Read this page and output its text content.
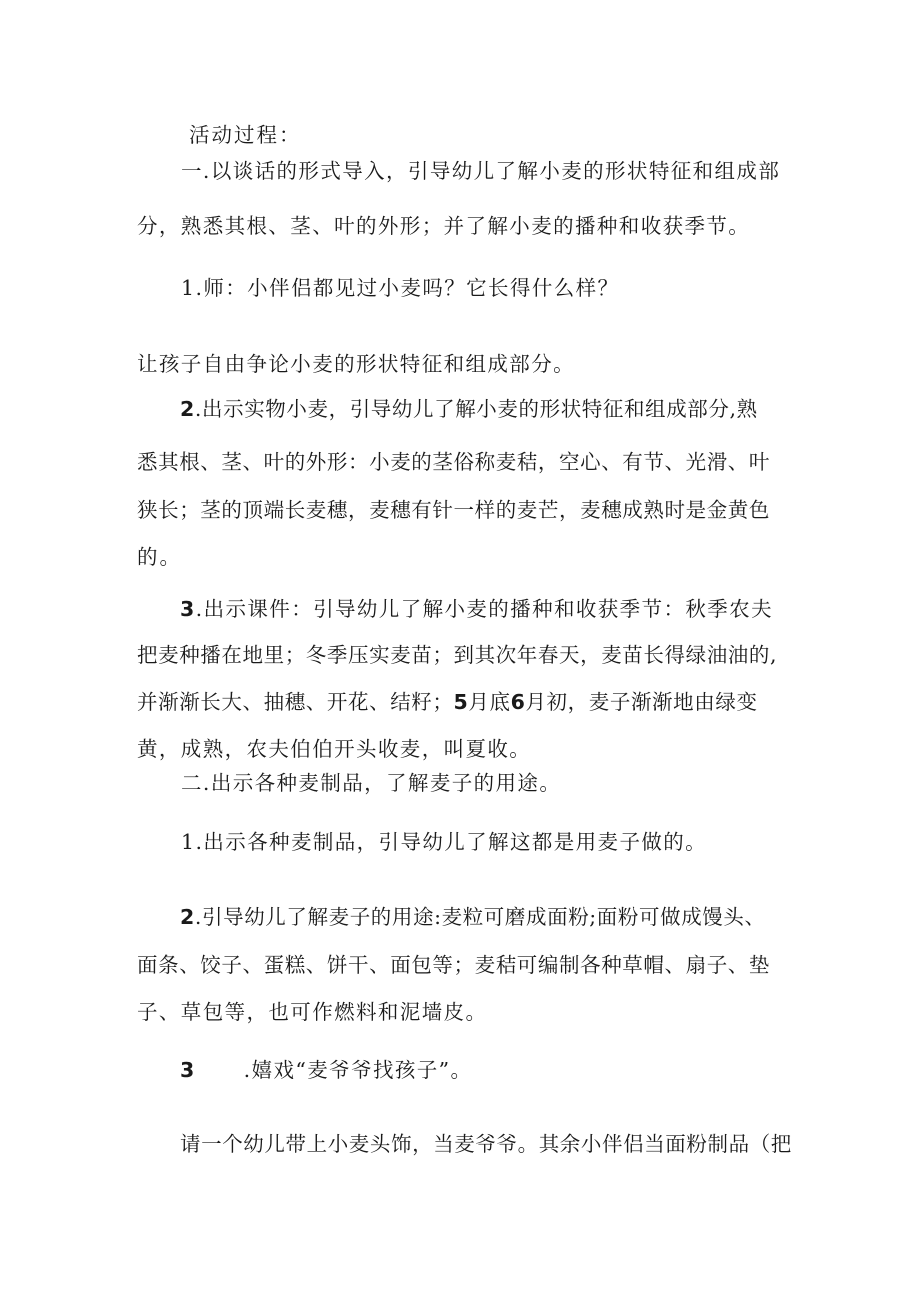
活动过程：
一.以谈话的形式导入，引导幼儿了解小麦的形状特征和组成部
分，熟悉其根、茎、叶的外形；并了解小麦的播种和收获季节。
1.师：小伴侣都见过小麦吗？它长得什么样？
让孩子自由争论小麦的形状特征和组成部分。
2.出示实物小麦，引导幼儿了解小麦的形状特征和组成部分,熟
悉其根、茎、叶的外形：小麦的茎俗称麦秸，空心、有节、光滑、叶
狭长；茎的顶端长麦穗，麦穗有针一样的麦芒，麦穗成熟时是金黄色
的。
3.出示课件：引导幼儿了解小麦的播种和收获季节：秋季农夫
把麦种播在地里；冬季压实麦苗；到其次年春天，麦苗长得绿油油的,
并渐渐长大、抽穗、开花、结籽；5月底6月初，麦子渐渐地由绿变
黄，成熟，农夫伯伯开头收麦，叫夏收。
二.出示各种麦制品，了解麦子的用途。
1.出示各种麦制品，引导幼儿了解这都是用麦子做的。
2.引导幼儿了解麦子的用途:麦粒可磨成面粉;面粉可做成馒头、
面条、饺子、蛋糕、饼干、面包等；麦秸可编制各种草帽、扇子、垫
子、草包等，也可作燃料和泥墙皮。
3 .嬉戏“麦爷爷找孩子”。
请一个幼儿带上小麦头饰，当麦爷爷。其余小伴侣当面粉制品（把
